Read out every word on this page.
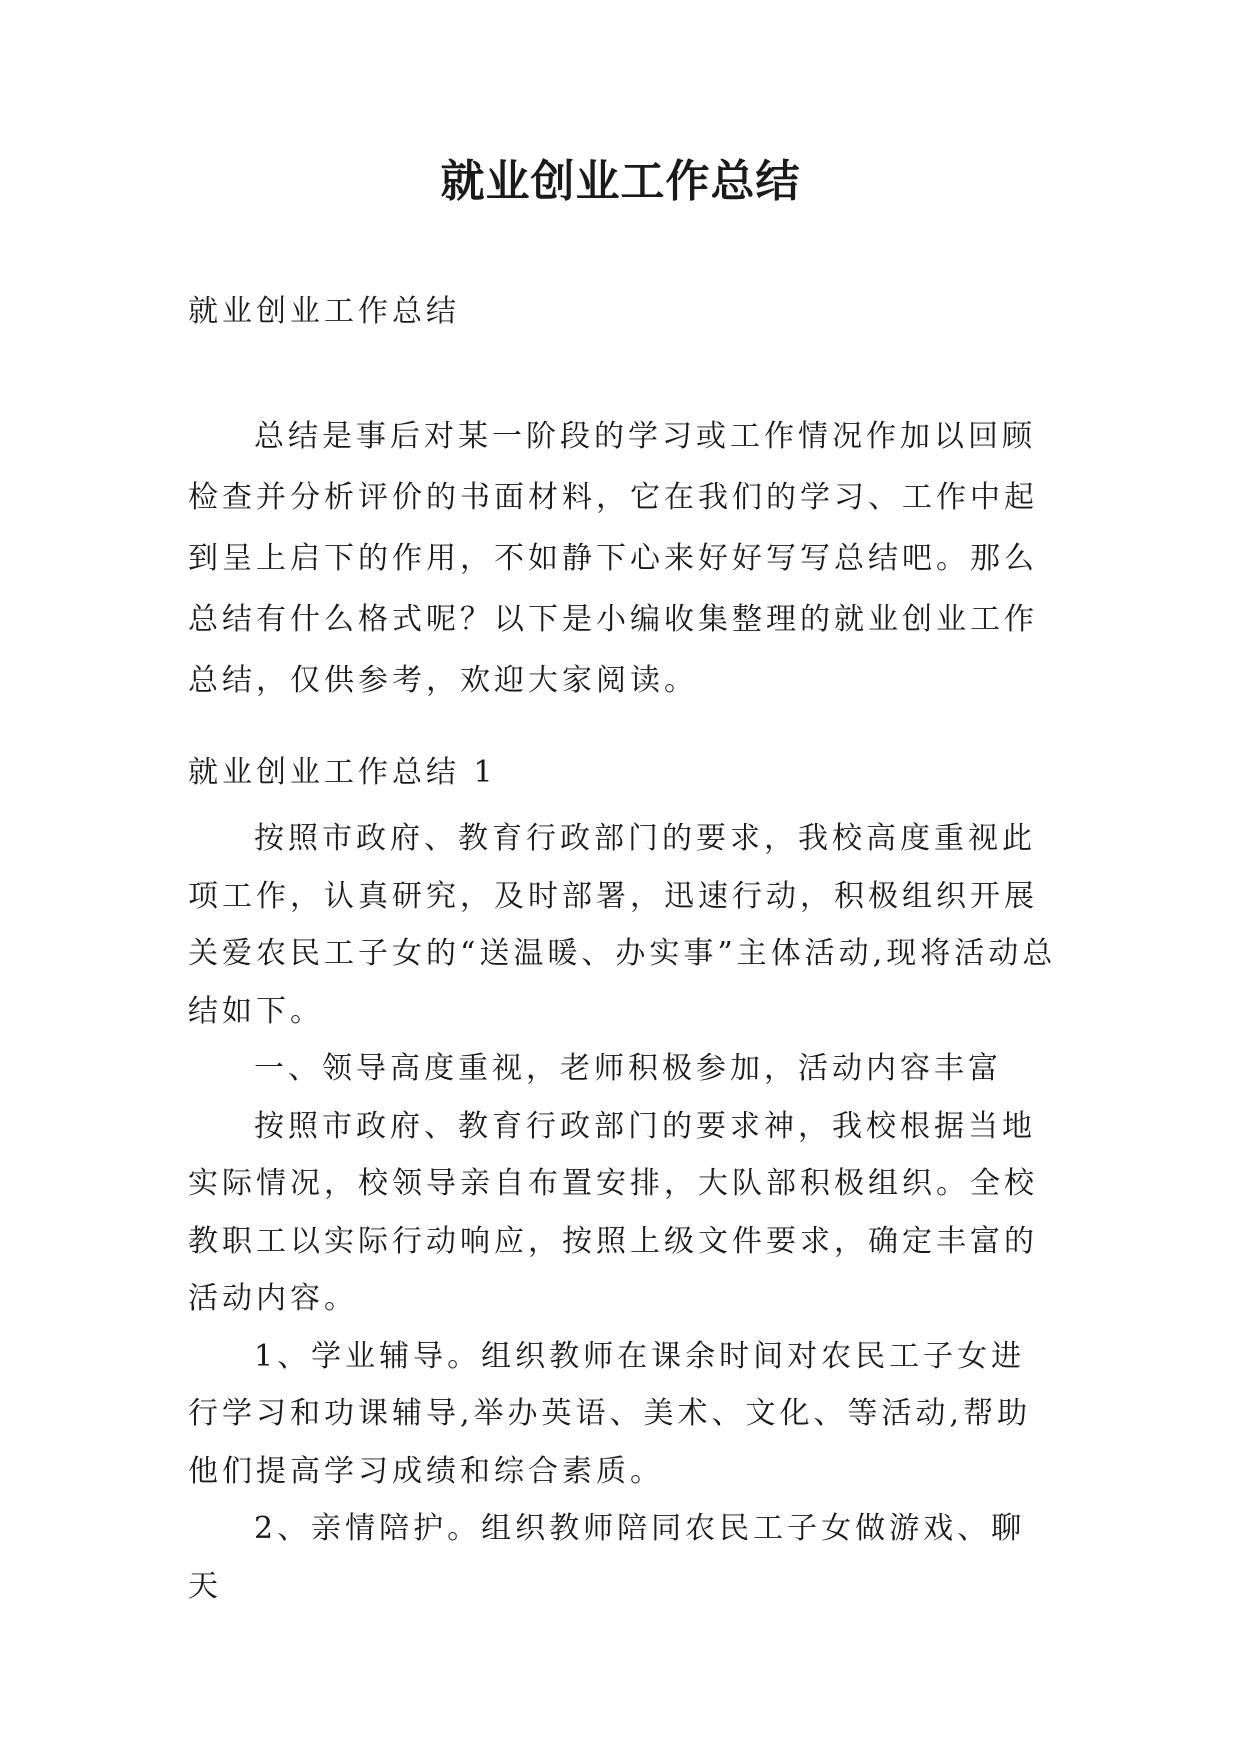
就业创业工作总结

就业创业工作总结

总结是事后对某一阶段的学习或工作情况作加以回顾检查并分析评价的书面材料，它在我们的学习、工作中起到呈上启下的作用，不如静下心来好好写写总结吧。那么总结有什么格式呢？以下是小编收集整理的就业创业工作总结，仅供参考，欢迎大家阅读。

就业创业工作总结 1

按照市政府、教育行政部门的要求，我校高度重视此项工作，认真研究，及时部署，迅速行动，积极组织开展关爱农民工子女的“送温暖、办实事”主体活动,现将活动总结如下。

一、领导高度重视，老师积极参加，活动内容丰富

按照市政府、教育行政部门的要求神，我校根据当地实际情况，校领导亲自布置安排，大队部积极组织。全校教职工以实际行动响应，按照上级文件要求，确定丰富的活动内容。

1、学业辅导。组织教师在课余时间对农民工子女进行学习和功课辅导,举办英语、美术、文化、等活动,帮助他们提高学习成绩和综合素质。

2、亲情陪护。组织教师陪同农民工子女做游戏、聊天
